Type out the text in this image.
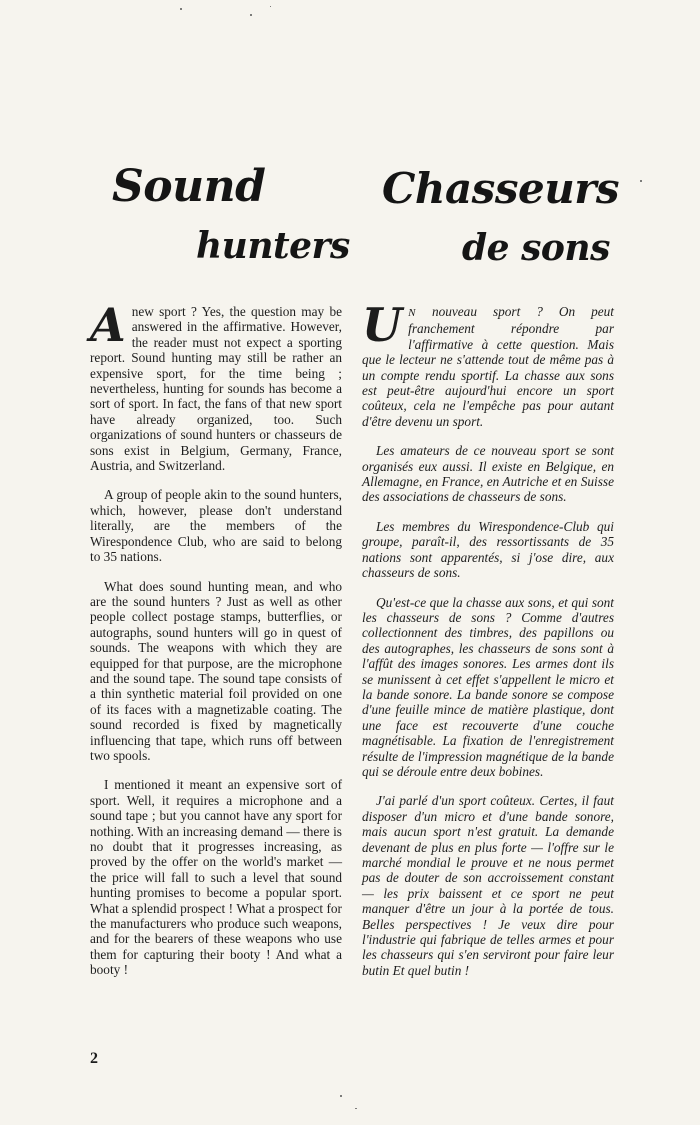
Sound
hunters
Chasseurs
de sons

Anew sport ? Yes, the question may be answered in the affirmative. However, the reader must not expect a sporting report. Sound hunting may still be rather an expensive sport, for the time being ; nevertheless, hunting for sounds has become a sort of sport. In fact, the fans of that new sport have already organized, too. Such organizations of sound hunters or chasseurs de sons exist in Belgium, Germany, France, Austria, and Switzerland.

A group of people akin to the sound hunters, which, however, please don't understand literally, are the members of the Wirespondence Club, who are said to belong to 35 nations.

What does sound hunting mean, and who are the sound hunters ? Just as well as other people collect postage stamps, butterflies, or autographs, sound hunters will go in quest of sounds. The weapons with which they are equipped for that purpose, are the microphone and the sound tape. The sound tape consists of a thin synthetic material foil provided on one of its faces with a magnetizable coating. The sound recorded is fixed by magnetically influencing that tape, which runs off between two spools.

I mentioned it meant an expensive sort of sport. Well, it requires a microphone and a sound tape ; but you cannot have any sport for nothing. With an increasing demand — there is no doubt that it progresses increasing, as proved by the offer on the world's market — the price will fall to such a level that sound hunting promises to become a popular sport. What a splendid prospect ! What a prospect for the manufacturers who produce such weapons, and for the bearers of these weapons who use them for capturing their booty ! And what a booty !

U N nouveau sport ? On peut franchement répondre par l'affirmative à cette question. Mais que le lecteur ne s'attende tout de même pas à un compte rendu sportif. La chasse aux sons est peut-être aujourd'hui encore un sport coûteux, cela ne l'empêche pas pour autant d'être devenu un sport.

Les amateurs de ce nouveau sport se sont organisés eux aussi. Il existe en Belgique, en Allemagne, en France, en Autriche et en Suisse des associations de chasseurs de sons.

Les membres du Wirespondence-Club qui groupe, paraît-il, des ressortissants de 35 nations sont apparentés, si j'ose dire, aux chasseurs de sons.

Qu'est-ce que la chasse aux sons, et qui sont les chasseurs de sons ? Comme d'autres collectionnent des timbres, des papillons ou des autographes, les chasseurs de sons sont à l'affût des images sonores. Les armes dont ils se munissent à cet effet s'appellent le micro et la bande sonore. La bande sonore se compose d'une feuille mince de matière plastique, dont une face est recouverte d'une couche magnétisable. La fixation de l'enregistrement résulte de l'impression magnétique de la bande qui se déroule entre deux bobines.

J'ai parlé d'un sport coûteux. Certes, il faut disposer d'un micro et d'une bande sonore, mais aucun sport n'est gratuit. La demande devenant de plus en plus forte — l'offre sur le marché mondial le prouve et ne nous permet pas de douter de son accroissement constant — les prix baissent et ce sport ne peut manquer d'être un jour à la portée de tous. Belles perspectives ! Je veux dire pour l'industrie qui fabrique de telles armes et pour les chasseurs qui s'en serviront pour faire leur butin Et quel butin !

2
